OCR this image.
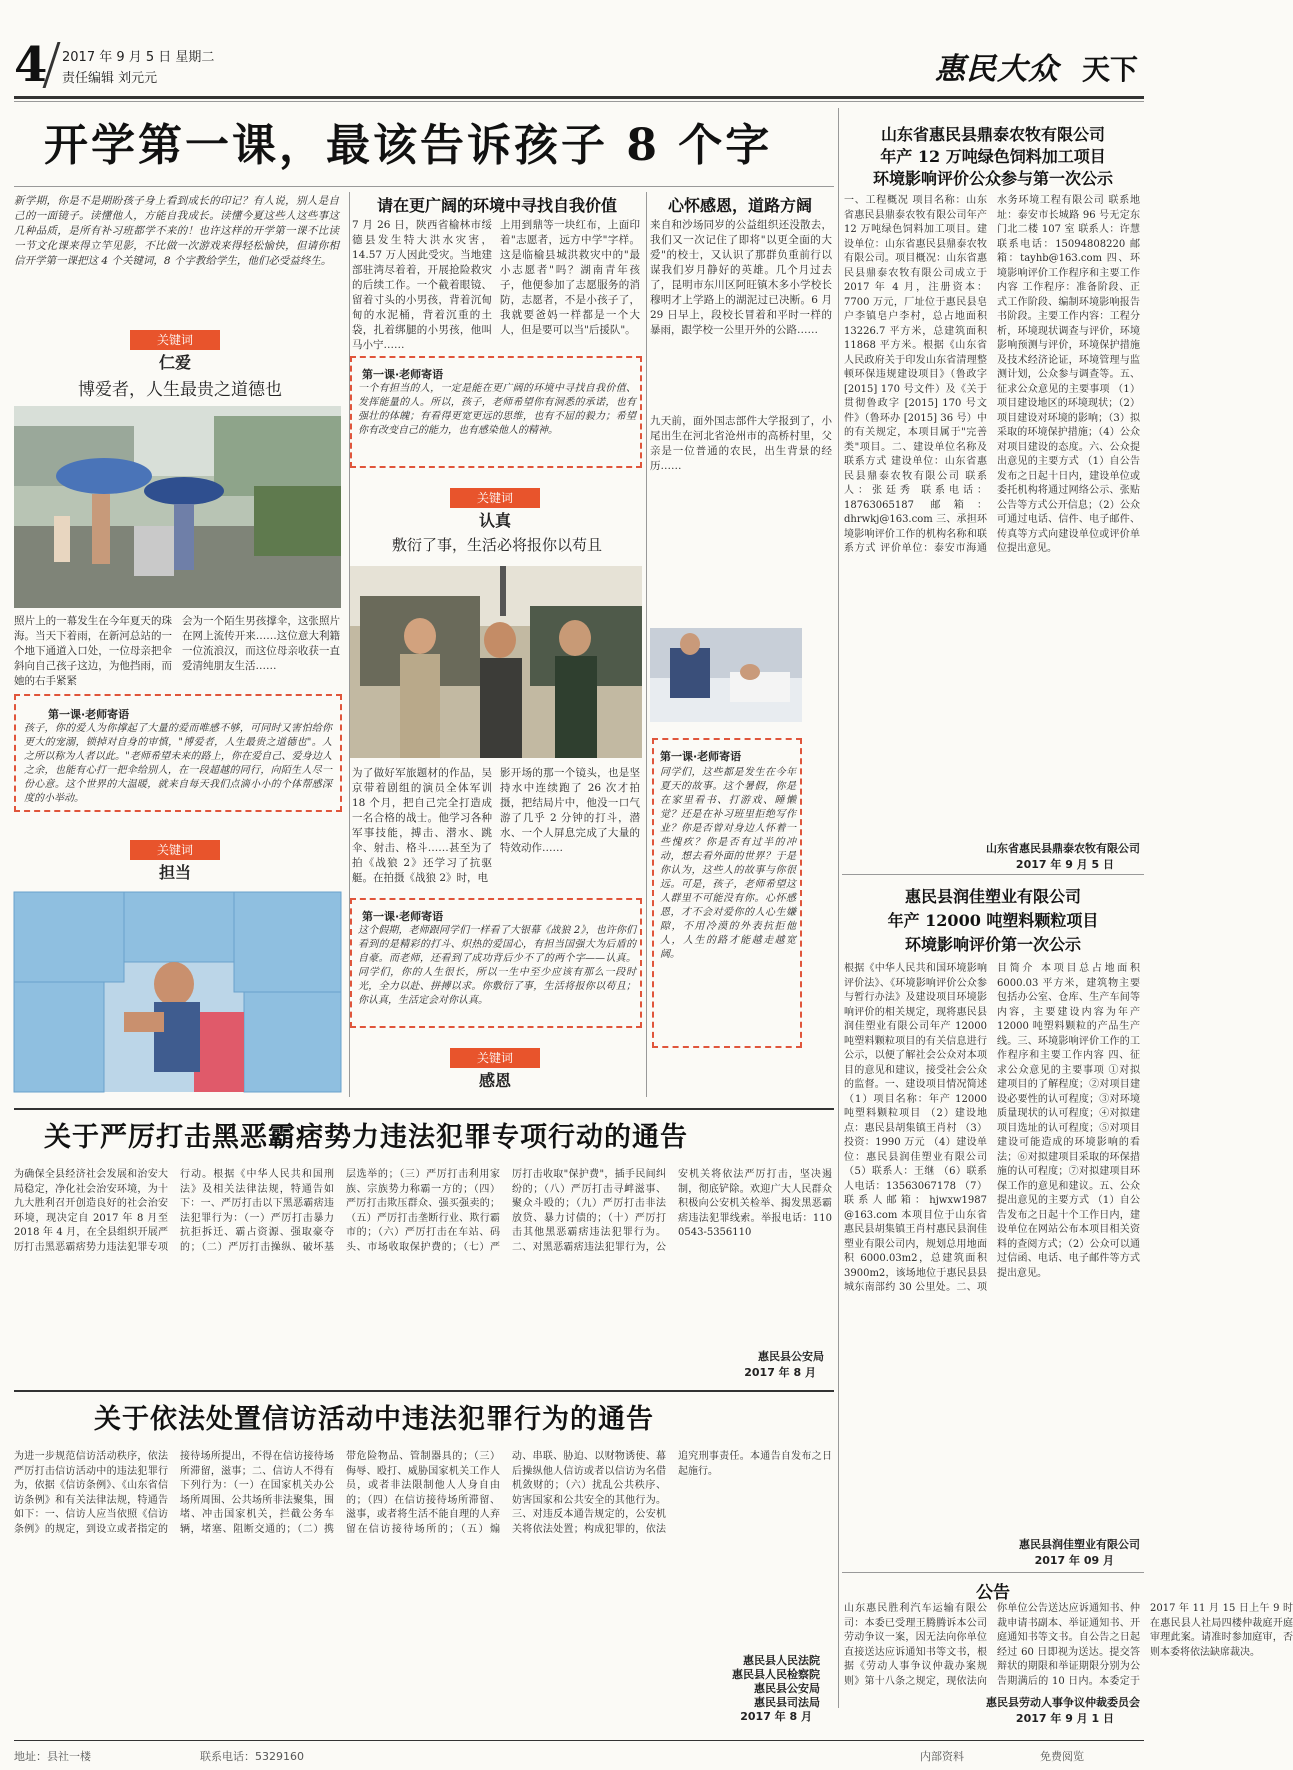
4 2017 年 9 月 5 日 星期二
责任编辑 刘元元	惠民大众 天下
开学第一课，最该告诉孩子 8 个字
新学期，你是不是期盼孩子身上看到成长的印记？有人说，别人是自己的一面镜子。读懂他人，方能自我成长。读懂今夏这些人这些事这几种品质，是所有补习班都学不来的！也许这样的开学第一课不比读一节文化课来得立竿见影，不比做一次游戏来得轻松愉快，但请你相信开学第一课把这 4 个关键词，8 个字教给学生，他们必受益终生。
关键词
仁爱
博爱者，人生最贵之道德也
照片上的一幕发生在今年夏天的珠海。当天下着雨，在新河总站的一个地下通道入口处，一位母亲把伞斜向自己孩子这边，为他挡雨，而她的右手紧紧
会为一个陌生男孩撑伞，这张照片在网上流传开来……这位意大利籍一位流浪汉，而这位母亲收获一直爱清纯朋友生活……
第一课·老师寄语
孩子，你的爱人为你撑起了大量的爱而唯感不够，可同时又害怕给你更大的宠溺，锁掉对自身的审慎，"博爱者，人生最贵之道德也"。人之所以称为人者以此。"老师希望未来的路上，你在爱自己、爱身边人之余，也能有心打一把伞给别人，在一段超越的同行，向陌生人尽一份心意。这个世界的大温暖，就来自每天我们点滴小小的个体帮感深度的小举动。
关键词
担当
请在更广阔的环境中寻找自我价值
7 月 26 日，陕西省榆林市绥德县发生特大洪水灾害，14.57 万人因此受灾。当地建部驻湾尽着着，开展抢险救灾的后续工作。一个截着眼镜、留着寸头的小男孩，背着沉甸甸的水泥桶，背着沉重的土袋，扎着绑腿的小男孩，他叫马小宁……
上用到鼎等一块红布，上面印着"志愿者，远方中学"字样。这是临榆县城洪救灾中的"最小志愿者"吗？湖南青年孩子，他便参加了志愿服务的消防，志愿者，不是小孩子了，我就要爸妈一样都是一个大人，但是要可以当"后援队"。
第一课·老师寄语
一个有担当的人，一定是能在更广阔的环境中寻找自我价值、发挥能量的人。所以，孩子，老师希望你有洞悉的承诺，也有强壮的体魄；有看得更宽更远的思维，也有不屈的毅力；希望你有改变自己的能力，也有感染他人的精神。
关键词
认真
敷衍了事，生活必将报你以苟且
为了做好军旅题材的作品，吴京带着剧组的演员全体军训 18 个月，把自己完全打造成一名合格的战士。他学习各种军事技能，搏击、潜水、跳伞、射击、格斗……甚至为了拍《战狼 2》还学习了抗驱艇。在拍摄《战狼 2》时，电
影开场的那一个镜头，也是坚持水中连续跑了 26 次才拍摄，把结局片中，他没一口气游了几乎 2 分钟的打斗，潜水、一个人屏息完成了大量的特效动作……
第一课·老师寄语
这个假期，老师跟同学们一样看了大银幕《战狼 2》，也许你们看到的是精彩的打斗、炽热的爱国心，有担当国强大为后盾的自豪。而老师，还看到了成功背后少不了的两个字——认真。同学们，你的人生很长，所以一生中至少应该有那么一段时光，全力以赴、拼搏以求。你敷衍了事，生活将报你以苟且；你认真，生活定会对你认真。
关键词
感恩
心怀感恩，道路方阔
来自和沙场同岁的公益组织还没散去，我们又一次记住了即将"以更全面的大爱"的校士，又认识了那群负重前行以谋我们岁月静好的英雄。几个月过去了，昆明市东川区阿旺镇木多小学校长穆明才上学路上的湖泥过已决断。6 月 29 日早上，段校长冒着和平时一样的暴雨，跟学校一公里开外的公路……
九天前，面外国志部件大学报到了，小尾出生在河北省沧州市的高桥村里，父亲是一位普通的农民，出生背景的经历……
第一课·老师寄语
同学们，这些都是发生在今年夏天的故事。这个暑假，你是在家里看书、打游戏、睡懒觉？还是在补习班里拒绝写作业？你是否曾对身边人怀着一些愧疚？你是否有过半的冲动，想去看外面的世界？于是你认为，这些人的故事与你很远。可是，孩子，老师希望这人群里不可能没有你。心怀感恩，才不会对爱你的人心生嫌隙，不用冷漠的外表抗拒他人，人生的路才能越走越宽阔。
山东省惠民县鼎泰农牧有限公司
年产 12 万吨绿色饲料加工项目
环境影响评价公众参与第一次公示
一、工程概况 项目名称：山东省惠民县鼎泰农牧有限公司年产 12 万吨绿色饲料加工项目。建设单位：山东省惠民县鼎泰农牧有限公司。项目概况：山东省惠民县鼎泰农牧有限公司成立于 2017 年 4 月，注册资本：7700 万元，厂址位于惠民县皂户李镇皂户李村，总占地面积 13226.7 平方米，总建筑面积 11868 平方米。根据《山东省人民政府关于印发山东省清理整顿环保违规建设项目》（鲁政字 [2015] 170 号文件）及《关于贯彻鲁政字 [2015] 170 号文件》（鲁环办 [2015] 36 号）中的有关规定，本项目属于"完善类"项目。二、建设单位名称及联系方式 建设单位：山东省惠民县鼎泰农牧有限公司 联系人：张廷秀 联系电话：18763065187 邮箱：dhrwkj@163.com 三、承担环境影响评价工作的机构名称和联系方式 评价单位：泰安市海通水务环境工程有限公司 联系地址：泰安市长城路 96 号无定东门北二楼 107 室 联系人：许慧 联系电话：15094808220 邮箱：tayhb@163.com 四、环境影响评价工作程序和主要工作内容 工作程序：准备阶段、正式工作阶段、编制环境影响报告书阶段。主要工作内容：工程分析，环境现状调查与评价，环境影响预测与评价，环境保护措施及技术经济论证，环境管理与监测计划，公众参与调查等。五、征求公众意见的主要事项 （1）项目建设地区的环境现状；（2）项目建设对环境的影响；（3）拟采取的环境保护措施；（4）公众对项目建设的态度。六、公众提出意见的主要方式 （1）自公告发布之日起十日内，建设单位或委托机构将通过网络公示、张贴公告等方式公开信息；（2）公众可通过电话、信件、电子邮件、传真等方式向建设单位或评价单位提出意见。
山东省惠民县鼎泰农牧有限公司
2017 年 9 月 5 日
惠民县润佳塑业有限公司
年产 12000 吨塑料颗粒项目
环境影响评价第一次公示
根据《中华人民共和国环境影响评价法》、《环境影响评价公众参与暂行办法》及建设项目环境影响评价的相关规定，现将惠民县润佳塑业有限公司年产 12000 吨塑料颗粒项目的有关信息进行公示，以便了解社会公众对本项目的意见和建议，接受社会公众的监督。一、建设项目情况简述 （1）项目名称：年产 12000 吨塑料颗粒项目 （2）建设地点：惠民县胡集镇王肖村 （3）投资：1990 万元 （4）建设单位：惠民县润佳塑业有限公司 （5）联系人：王继 （6）联系人电话：13563067178 （7）联系人邮箱：hjwxw1987 @163.com 本项目位于山东省惠民县胡集镇王肖村惠民县润佳塑业有限公司内，规划总用地面积 6000.03m2，总建筑面积 3900m2，该场地位于惠民县县城东南部约 30 公里处。二、项目简介 本项目总占地面积 6000.03 平方米，建筑物主要包括办公室、仓库、生产车间等内容，主要建设内容为年产 12000 吨塑料颗粒的产品生产线。三、环境影响评价工作的工作程序和主要工作内容 四、征求公众意见的主要事项 ①对拟建项目的了解程度；②对项目建设必要性的认可程度；③对环境质量现状的认可程度；④对拟建项目选址的认可程度；⑤对项目建设可能造成的环境影响的看法；⑥对拟建项目采取的环保措施的认可程度；⑦对拟建项目环保工作的意见和建议。五、公众提出意见的主要方式 （1）自公告发布之日起十个工作日内，建设单位在网站公布本项目相关资料的查阅方式；（2）公众可以通过信函、电话、电子邮件等方式提出意见。
惠民县润佳塑业有限公司
2017 年 09 月
公告
山东惠民胜利汽车运输有限公司：本委已受理王腾腾诉本公司劳动争议一案，因无法向你单位直接送达应诉通知书等文书，根据《劳动人事争议仲裁办案规则》第十八条之规定，现依法向你单位公告送达应诉通知书、仲裁申请书副本、举证通知书、开庭通知书等文书。自公告之日起经过 60 日即视为送达。提交答辩状的期限和举证期限分别为公告期满后的 10 日内。本委定于 2017 年 11 月 15 日上午 9 时在惠民县人社局四楼仲裁庭开庭审理此案。请准时参加庭审，否则本委将依法缺席裁决。
惠民县劳动人事争议仲裁委员会
2017 年 9 月 1 日
关于严厉打击黑恶霸痞势力违法犯罪专项行动的通告
为确保全县经济社会发展和治安大局稳定，净化社会治安环境，为十九大胜利召开创造良好的社会治安环境，现决定自 2017 年 8 月至 2018 年 4 月，在全县组织开展严厉打击黑恶霸痞势力违法犯罪专项行动。根据《中华人民共和国刑法》及相关法律法规，特通告如下：一、严厉打击以下黑恶霸痞违法犯罪行为：（一）严厉打击暴力抗拒拆迁、霸占资源、强取豪夺的；（二）严厉打击操纵、破坏基层选举的；（三）严厉打击利用家族、宗族势力称霸一方的；（四）严厉打击欺压群众、强买强卖的；（五）严厉打击垄断行业、欺行霸市的；（六）严厉打击在车站、码头、市场收取保护费的；（七）严厉打击收取"保护费"，插手民间纠纷的；（八）严厉打击寻衅滋事、聚众斗殴的；（九）严厉打击非法放贷、暴力讨债的；（十）严厉打击其他黑恶霸痞违法犯罪行为。二、对黑恶霸痞违法犯罪行为，公安机关将依法严厉打击，坚决遏制，彻底铲除。欢迎广大人民群众积极向公安机关检举、揭发黑恶霸痞违法犯罪线索。举报电话：110 0543-5356110
惠民县公安局
2017 年 8 月
关于依法处置信访活动中违法犯罪行为的通告
为进一步规范信访活动秩序，依法严厉打击信访活动中的违法犯罪行为，依据《信访条例》、《山东省信访条例》和有关法律法规，特通告如下：一、信访人应当依照《信访条例》的规定，到设立或者指定的接待场所提出，不得在信访接待场所滞留，滋事；二、信访人不得有下列行为：（一）在国家机关办公场所周围、公共场所非法聚集，围堵、冲击国家机关，拦截公务车辆，堵塞、阻断交通的；（二）携带危险物品、管制器具的；（三）侮辱、殴打、威胁国家机关工作人员，或者非法限制他人人身自由的；（四）在信访接待场所滞留、滋事，或者将生活不能自理的人弃留在信访接待场所的；（五）煽动、串联、胁迫、以财物诱使、幕后操纵他人信访或者以信访为名借机敛财的；（六）扰乱公共秩序、妨害国家和公共安全的其他行为。三、对违反本通告规定的，公安机关将依法处置；构成犯罪的，依法追究刑事责任。本通告自发布之日起施行。
惠民县人民法院
惠民县人民检察院
惠民县公安局
惠民县司法局
2017 年 8 月
地址：县社一楼	联系电话：5329160	内部资料	免费阅览
